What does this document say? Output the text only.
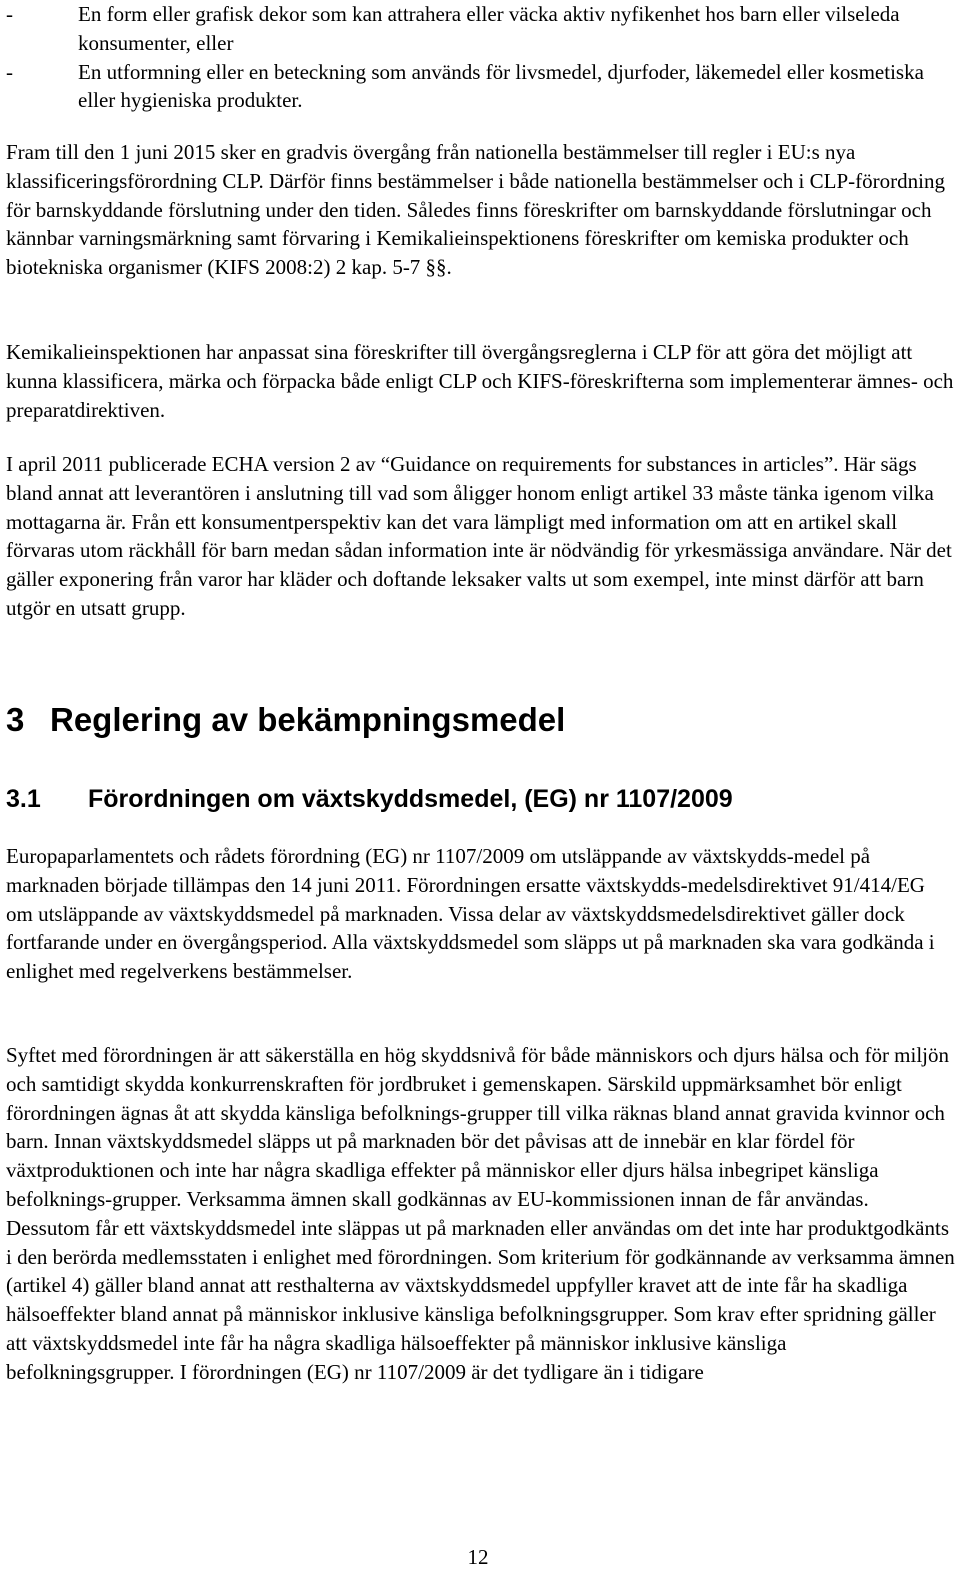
-	En form eller grafisk dekor som kan attrahera eller väcka aktiv nyfikenhet hos barn eller vilseleda konsumenter, eller
-	En utformning eller en beteckning som används för livsmedel, djurfoder, läkemedel eller kosmetiska eller hygieniska produkter.

Fram till den 1 juni 2015 sker en gradvis övergång från nationella bestämmelser till regler i EU:s nya klassificeringsförordning CLP. Därför finns bestämmelser i både nationella bestämmelser och i CLP-förordning för barnskyddande förslutning under den tiden. Således finns föreskrifter om barnskyddande förslutningar och kännbar varningsmärkning samt förvaring i Kemikalieinspektionens föreskrifter om kemiska produkter och biotekniska organismer (KIFS 2008:2) 2 kap. 5-7 §§.

Kemikalieinspektionen har anpassat sina föreskrifter till övergångsreglerna i CLP för att göra det möjligt att kunna klassificera, märka och förpacka både enligt CLP och KIFS-föreskrifterna som implementerar ämnes- och preparatdirektiven.

I april 2011 publicerade ECHA version 2 av “Guidance on requirements for substances in articles”. Här sägs bland annat att leverantören i anslutning till vad som åligger honom enligt artikel 33 måste tänka igenom vilka mottagarna är. Från ett konsumentperspektiv kan det vara lämpligt med information om att en artikel skall förvaras utom räckhåll för barn medan sådan information inte är nödvändig för yrkesmässiga användare. När det gäller exponering från varor har kläder och doftande leksaker valts ut som exempel, inte minst därför att barn utgör en utsatt grupp.

3 Reglering av bekämpningsmedel
3.1 Förordningen om växtskyddsmedel, (EG) nr 1107/2009

Europaparlamentets och rådets förordning (EG) nr 1107/2009 om utsläppande av växtskydds-medel på marknaden började tillämpas den 14 juni 2011. Förordningen ersatte växtskydds-medelsdirektivet 91/414/EG om utsläppande av växtskyddsmedel på marknaden. Vissa delar av växtskyddsmedelsdirektivet gäller dock fortfarande under en övergångsperiod. Alla växtskyddsmedel som släpps ut på marknaden ska vara godkända i enlighet med regelverkens bestämmelser.

Syftet med förordningen är att säkerställa en hög skyddsnivå för både människors och djurs hälsa och för miljön och samtidigt skydda konkurrenskraften för jordbruket i gemenskapen. Särskild uppmärksamhet bör enligt förordningen ägnas åt att skydda känsliga befolknings-grupper till vilka räknas bland annat gravida kvinnor och barn. Innan växtskyddsmedel släpps ut på marknaden bör det påvisas att de innebär en klar fördel för växtproduktionen och inte har några skadliga effekter på människor eller djurs hälsa inbegripet känsliga befolknings-grupper. Verksamma ämnen skall godkännas av EU-kommissionen innan de får användas. Dessutom får ett växtskyddsmedel inte släppas ut på marknaden eller användas om det inte har produktgodkänts i den berörda medlemsstaten i enlighet med förordningen. Som kriterium för godkännande av verksamma ämnen (artikel 4) gäller bland annat att resthalterna av växtskyddsmedel uppfyller kravet att de inte får ha skadliga hälsoeffekter bland annat på människor inklusive känsliga befolkningsgrupper. Som krav efter spridning gäller att växtskyddsmedel inte får ha några skadliga hälsoeffekter på människor inklusive känsliga befolkningsgrupper. I förordningen (EG) nr 1107/2009 är det tydligare än i tidigare

12
